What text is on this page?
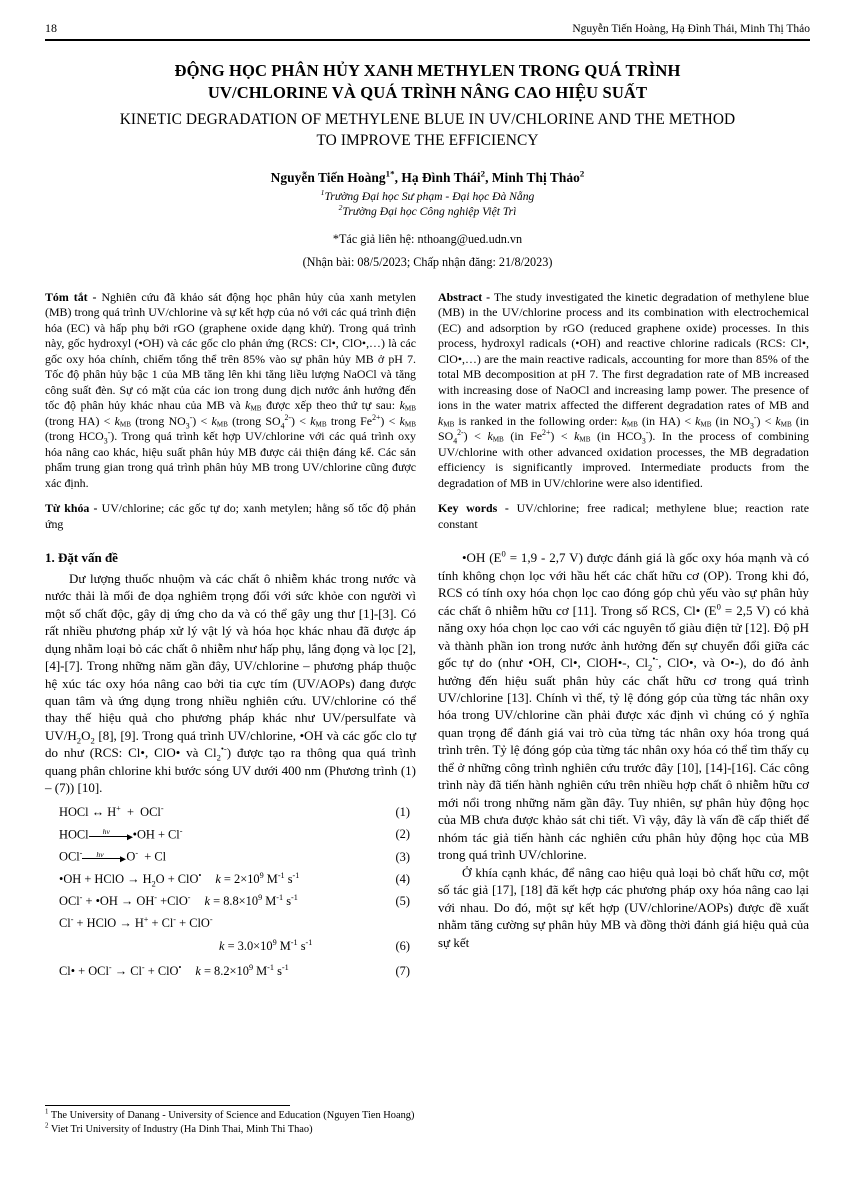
18	Nguyễn Tiến Hoàng, Hạ Đình Thái, Minh Thị Thảo
ĐỘNG HỌC PHÂN HỦY XANH METHYLEN TRONG QUÁ TRÌNH
UV/CHLORINE VÀ QUÁ TRÌNH NÂNG CAO HIỆU SUẤT
KINETIC DEGRADATION OF METHYLENE BLUE IN UV/CHLORINE AND THE METHOD
TO IMPROVE THE EFFICIENCY
Nguyễn Tiến Hoàng$^{1*}$, Hạ Đình Thái$^2$, Minh Thị Thảo$^2$
$^1$Trường Đại học Sư phạm - Đại học Đà Nẵng
$^2$Trường Đại học Công nghiệp Việt Trì
*Tác giả liên hệ: nthoang@ued.udn.vn
(Nhận bài: 08/5/2023; Chấp nhận đăng: 21/8/2023)

Tóm tắt - Nghiên cứu đã khảo sát động học phân hủy của xanh metylen (MB) trong quá trình UV/chlorine và sự kết hợp của nó với các quá trình điện hóa (EC) và hấp phụ bởi rGO (graphene oxide dạng khử). Trong quá trình này, gốc hydroxyl (•OH) và các gốc clo phản ứng (RCS: Cl•, ClO•,…) là các gốc oxy hóa chính, chiếm tổng thể trên 85% vào sự phân hủy MB ở pH 7. Tốc độ phân hủy bậc 1 của MB tăng lên khi tăng liều lượng NaOCl và tăng công suất đèn. Sự có mặt của các ion trong dung dịch nước ảnh hưởng đến tốc độ phân hủy khác nhau của MB và kMB được xếp theo thứ tự sau: kMB (trong HA) < kMB (trong $NO_3^-$) < kMB (trong $SO_4^{2-}$) < kMB trong $Fe^{2+}$) < kMB (trong $HCO_3^-$). Trong quá trình kết hợp UV/chlorine với các quá trình oxy hóa nâng cao khác, hiệu suất phân hủy MB được cải thiện đáng kể. Các sản phẩm trung gian trong quá trình phân hủy MB trong UV/chlorine cũng được xác định.

Từ khóa - UV/chlorine; các gốc tự do; xanh metylen; hằng số tốc độ phản ứng

Abstract - The study investigated the kinetic degradation of methylene blue (MB) in the UV/chlorine process and its combination with electrochemical (EC) and adsorption by rGO (reduced graphene oxide) processes. In this process, hydroxyl radicals (•OH) and reactive chlorine radicals (RCS: Cl•, ClO•,…) are the main reactive radicals, accounting for more than 85% of the total MB decomposition at pH 7. The first degradation rate of MB increased with increasing dose of NaOCl and increasing lamp power. The presence of ions in the water matrix affected the different degradation rates of MB and kMB is ranked in the following order: kMB (in HA) < kMB (in $NO_3^-$) < kMB (in $SO_4^{2-}$) < kMB (in $Fe^{2+}$) < kMB (in $HCO_3^-$). In the process of combining UV/chlorine with other advanced oxidation processes, the MB degradation efficiency is significantly improved. Intermediate products from the degradation of MB in UV/chlorine were also identified.

Key words - UV/chlorine; free radical; methylene blue; reaction rate constant

1. Đặt vấn đề

Dư lượng thuốc nhuộm và các chất ô nhiễm khác trong nước và nước thải là mối đe dọa nghiêm trọng đối với sức khỏe con người vì một số chất độc, gây dị ứng cho da và có thể gây ung thư [1]-[3]. Có rất nhiều phương pháp xử lý vật lý và hóa học khác nhau đã được áp dụng nhằm loại bỏ các chất ô nhiễm như hấp phụ, lắng đọng và lọc [2], [4]-[7]. Trong những năm gần đây, UV/chlorine – phương pháp thuộc hệ xúc tác oxy hóa nâng cao bởi tia cực tím (UV/AOPs) đang được quan tâm và ứng dụng trong nhiều nghiên cứu. UV/chlorine có thể thay thế hiệu quả cho phương pháp khác như UV/persulfate và $UV/H_2O_2$ [8], [9]. Trong quá trình UV/chlorine, •OH và các gốc clo tự do như (RCS: Cl•, ClO• và $Cl_2^{•-}$) được tạo ra thông qua quá trình quang phân chlorine khi bước sóng UV dưới 400 nm (Phương trình (1) – (7)) [10].

HOCl ↔ H+  +  OCl-	(1)
HOCl hv •OH + Cl-	(2)
OCl- hv O- + Cl	(3)
•OH + HClO → $H_2O + ClO^•$	$k = 2\times 10^9$ $M^{-1}$ $s^{-1}$	(4)
OCl- + •OH → OH- +ClO-	$k = 8.8\times 10^9$ $M^{-1}$ $s^{-1}$	(5)
Cl- + HClO → H+ + Cl- + ClO-
$k = 3.0\times 10^9$ $M^{-1}$ $s^{-1}$	(6)
Cl• + OCl- → Cl- + ClO•	$k = 8.2\times 10^9$ $M^{-1}$ $s^{-1}$	(7)

•OH ($E^0 = 1,9 - 2,7$ V) được đánh giá là gốc oxy hóa mạnh và có tính không chọn lọc với hầu hết các chất hữu cơ (OP). Trong khi đó, RCS có tính oxy hóa chọn lọc cao đóng góp chủ yếu vào sự phân hủy các chất ô nhiễm hữu cơ [11]. Trong số RCS, Cl• ($E^0 = 2,5$ V) có khả năng oxy hóa chọn lọc cao với các nguyên tố giàu điện tử [12]. Độ pH và thành phần ion trong nước ảnh hưởng đến sự chuyển đổi giữa các gốc tự do (như •OH, Cl•, ClOH•-, $Cl_2^{•-}$, ClO•, và O•-), do đó ảnh hưởng đến hiệu suất phân hủy các chất hữu cơ trong quá trình UV/chlorine [13]. Chính vì thế, tỷ lệ đóng góp của từng tác nhân oxy hóa trong UV/chlorine cần phải được xác định vì chúng có ý nghĩa quan trọng để đánh giá vai trò của từng tác nhân oxy hóa trong quá trình trên. Tỷ lệ đóng góp của từng tác nhân oxy hóa có thể tìm thấy cụ thể ở những công trình nghiên cứu trước đây [10], [14]-[16]. Các công trình này đã tiến hành nghiên cứu trên nhiều hợp chất ô nhiễm hữu cơ mới nổi trong những năm gần đây. Tuy nhiên, sự phân hủy động học của MB chưa được khảo sát chi tiết. Vì vậy, đây là vấn đề cấp thiết để nhóm tác giả tiến hành các nghiên cứu phân hủy động học của MB trong quá trình UV/chlorine.

Ở khía cạnh khác, để nâng cao hiệu quả loại bỏ chất hữu cơ, một số tác giả [17], [18] đã kết hợp các phương pháp oxy hóa nâng cao lại với nhau. Do đó, một sự kết hợp (UV/chlorine/AOPs) được đề xuất nhằm tăng cường sự phân hủy MB và đồng thời đánh giá hiệu quả của sự kết

$^1$ The University of Danang - University of Science and Education (Nguyen Tien Hoang)
$^2$ Viet Tri University of Industry (Ha Dinh Thai, Minh Thi Thao)
